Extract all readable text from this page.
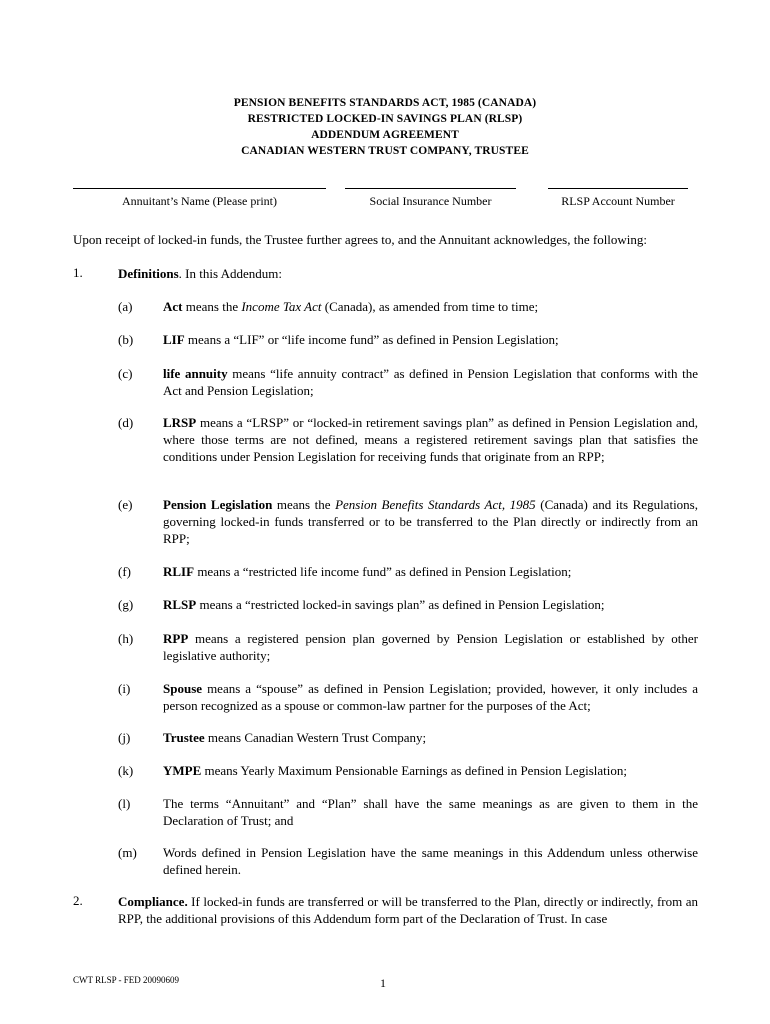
PENSION BENEFITS STANDARDS ACT, 1985 (CANADA)
RESTRICTED LOCKED-IN SAVINGS PLAN (RLSP)
ADDENDUM AGREEMENT
CANADIAN WESTERN TRUST COMPANY, TRUSTEE
Annuitant’s Name (Please print)	Social Insurance Number	RLSP Account Number
Upon receipt of locked-in funds, the Trustee further agrees to, and the Annuitant acknowledges, the following:
1.	Definitions. In this Addendum:
(a) Act means the Income Tax Act (Canada), as amended from time to time;
(b) LIF means a “LIF” or “life income fund” as defined in Pension Legislation;
(c) life annuity means “life annuity contract” as defined in Pension Legislation that conforms with the Act and Pension Legislation;
(d) LRSP means a “LRSP” or “locked-in retirement savings plan” as defined in Pension Legislation and, where those terms are not defined, means a registered retirement savings plan that satisfies the conditions under Pension Legislation for receiving funds that originate from an RPP;
(e) Pension Legislation means the Pension Benefits Standards Act, 1985 (Canada) and its Regulations, governing locked-in funds transferred or to be transferred to the Plan directly or indirectly from an RPP;
(f) RLIF means a “restricted life income fund” as defined in Pension Legislation;
(g) RLSP means a “restricted locked-in savings plan” as defined in Pension Legislation;
(h) RPP means a registered pension plan governed by Pension Legislation or established by other legislative authority;
(i)	Spouse means a “spouse” as defined in Pension Legislation; provided, however, it only includes a person recognized as a spouse or common-law partner for the purposes of the Act;
(j)	Trustee means Canadian Western Trust Company;
(k) YMPE means Yearly Maximum Pensionable Earnings as defined in Pension Legislation;
(l)	The terms “Annuitant” and “Plan” shall have the same meanings as are given to them in the Declaration of Trust; and
(m) Words defined in Pension Legislation have the same meanings in this Addendum unless otherwise defined herein.
2.	Compliance. If locked-in funds are transferred or will be transferred to the Plan, directly or indirectly, from an RPP, the additional provisions of this Addendum form part of the Declaration of Trust. In case
CWT RLSP - FED 20090609	1
